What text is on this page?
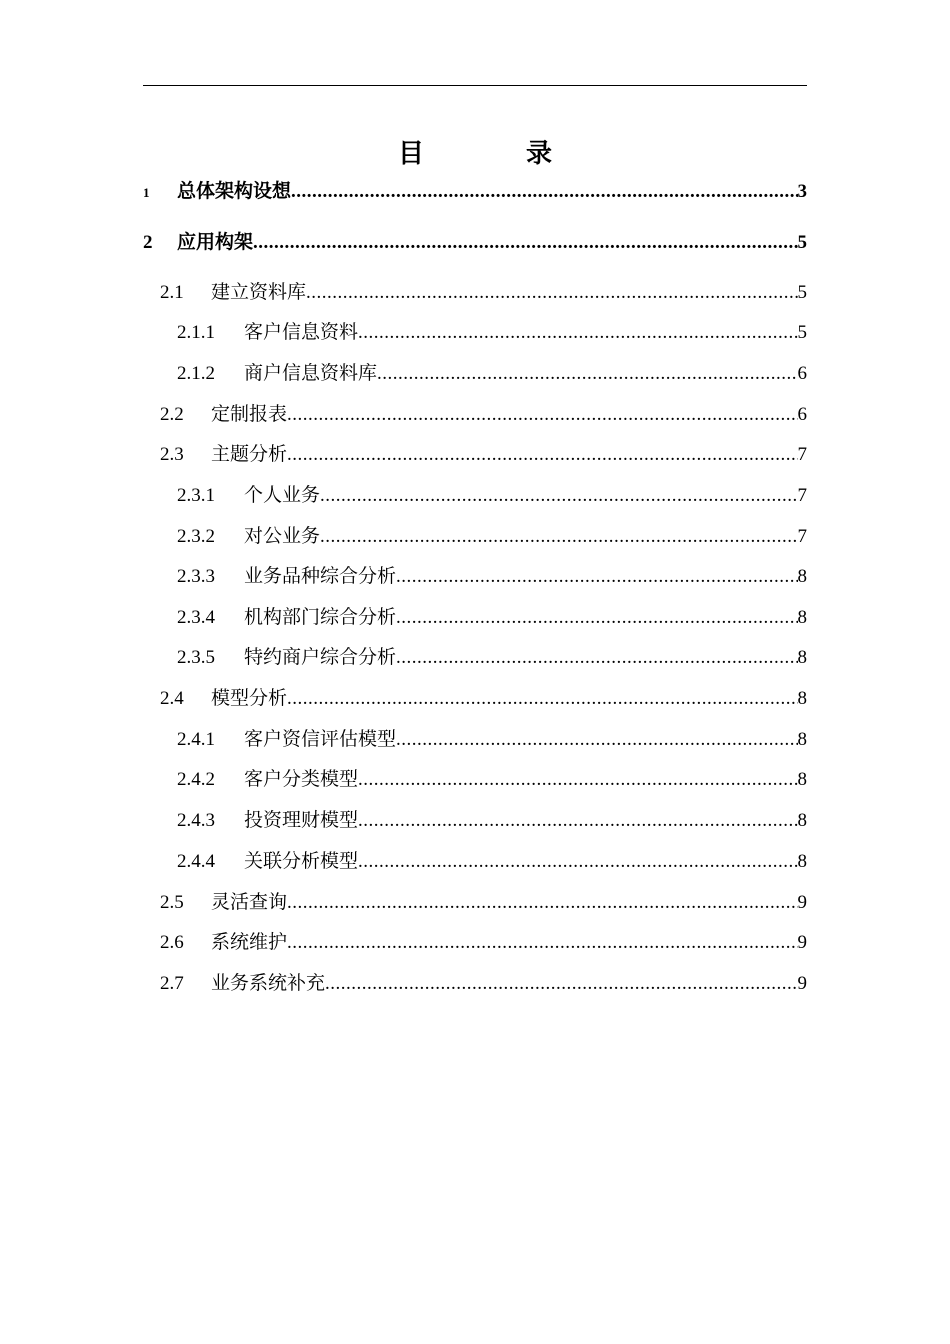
目　录
1	总体架构设想 .....	3
2	应用构架 .....	5
2.1	建立资料库 .....	5
2.1.1	客户信息资料 .....	5
2.1.2	商户信息资料库 .....	6
2.2	定制报表 .....	6
2.3	主题分析 .....	7
2.3.1	个人业务 .....	7
2.3.2	对公业务 .....	7
2.3.3	业务品种综合分析 .....	8
2.3.4	机构部门综合分析 .....	8
2.3.5	特约商户综合分析 .....	8
2.4	模型分析 .....	8
2.4.1	客户资信评估模型 .....	8
2.4.2	客户分类模型 .....	8
2.4.3	投资理财模型 .....	8
2.4.4	关联分析模型 .....	8
2.5	灵活查询 .....	9
2.6	系统维护 .....	9
2.7	业务系统补充 .....	9
